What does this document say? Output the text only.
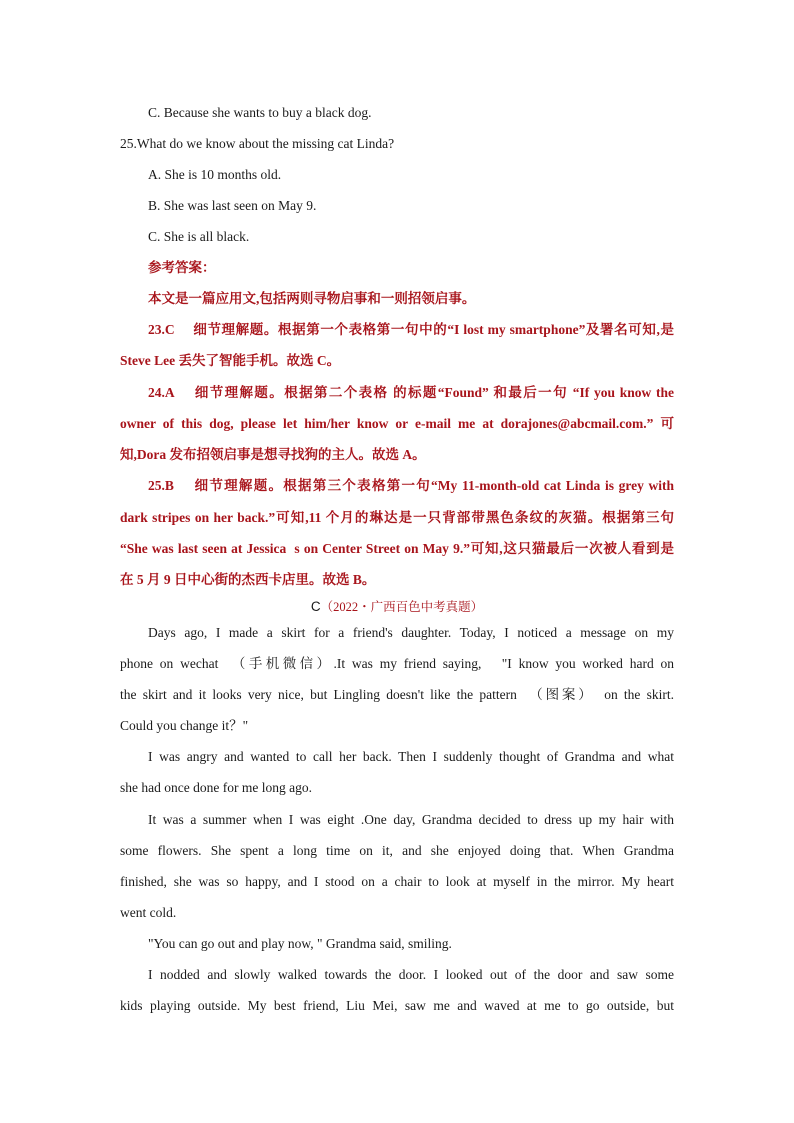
C. Because she wants to buy a black dog.
25.What do we know about the missing cat Linda?
A. She is 10 months old.
B. She was last seen on May 9.
C. She is all black.
参考答案：
本文是一篇应用文,包括两则寻物启事和一则招领启事。
23.C　 细节理解题。根据第一个表格第一句中的“I lost my smartphone”及署名可知,是
Steve Lee 丢失了智能手机。故选 C。
24.A　 细节理解题。根据第二个表格 的标题“Found” 和最后一句 “If you know the
owner of this dog, please let him/her know or e-mail me at dorajones@abcmail.com.” 可
知,Dora 发布招领启事是想寻找狗的主人。故选 A。
25.B　 细节理解题。根据第三个表格第一句“My 11-month-old cat Linda is grey with
dark stripes on her back.”可知,11 个月的琳达是一只背部带黑色条纹的灰猫。根据第三句
“She was last seen at Jessicas on Center Street on May 9.”可知,这只猫最后一次被人看到是
在 5 月 9 日中心街的杰西卡店里。故选 B。
C（2022・广西百色中考真题）
Days ago, I made a skirt for a friend's daughter. Today, I noticed a message on my
phone on wechat　（手机微信）.It was my friend saying,　"I know you worked hard on
the skirt and it looks very nice, but Lingling doesn't like the pattern　（图案）　on the skirt.
Could you change it？"
I was angry and wanted to call her back. Then I suddenly thought of Grandma and what
she had once done for me long ago.
It was a summer when I was eight .One day, Grandma decided to dress up my hair with
some flowers. She spent a long time on it, and she enjoyed doing that. When Grandma
finished, she was so happy, and I stood on a chair to look at myself in the mirror. My heart
went cold.
"You can go out and play now, " Grandma said, smiling.
I nodded and slowly walked towards the door. I looked out of the door and saw some
kids playing outside. My best friend, Liu Mei, saw me and waved at me to go outside, but
